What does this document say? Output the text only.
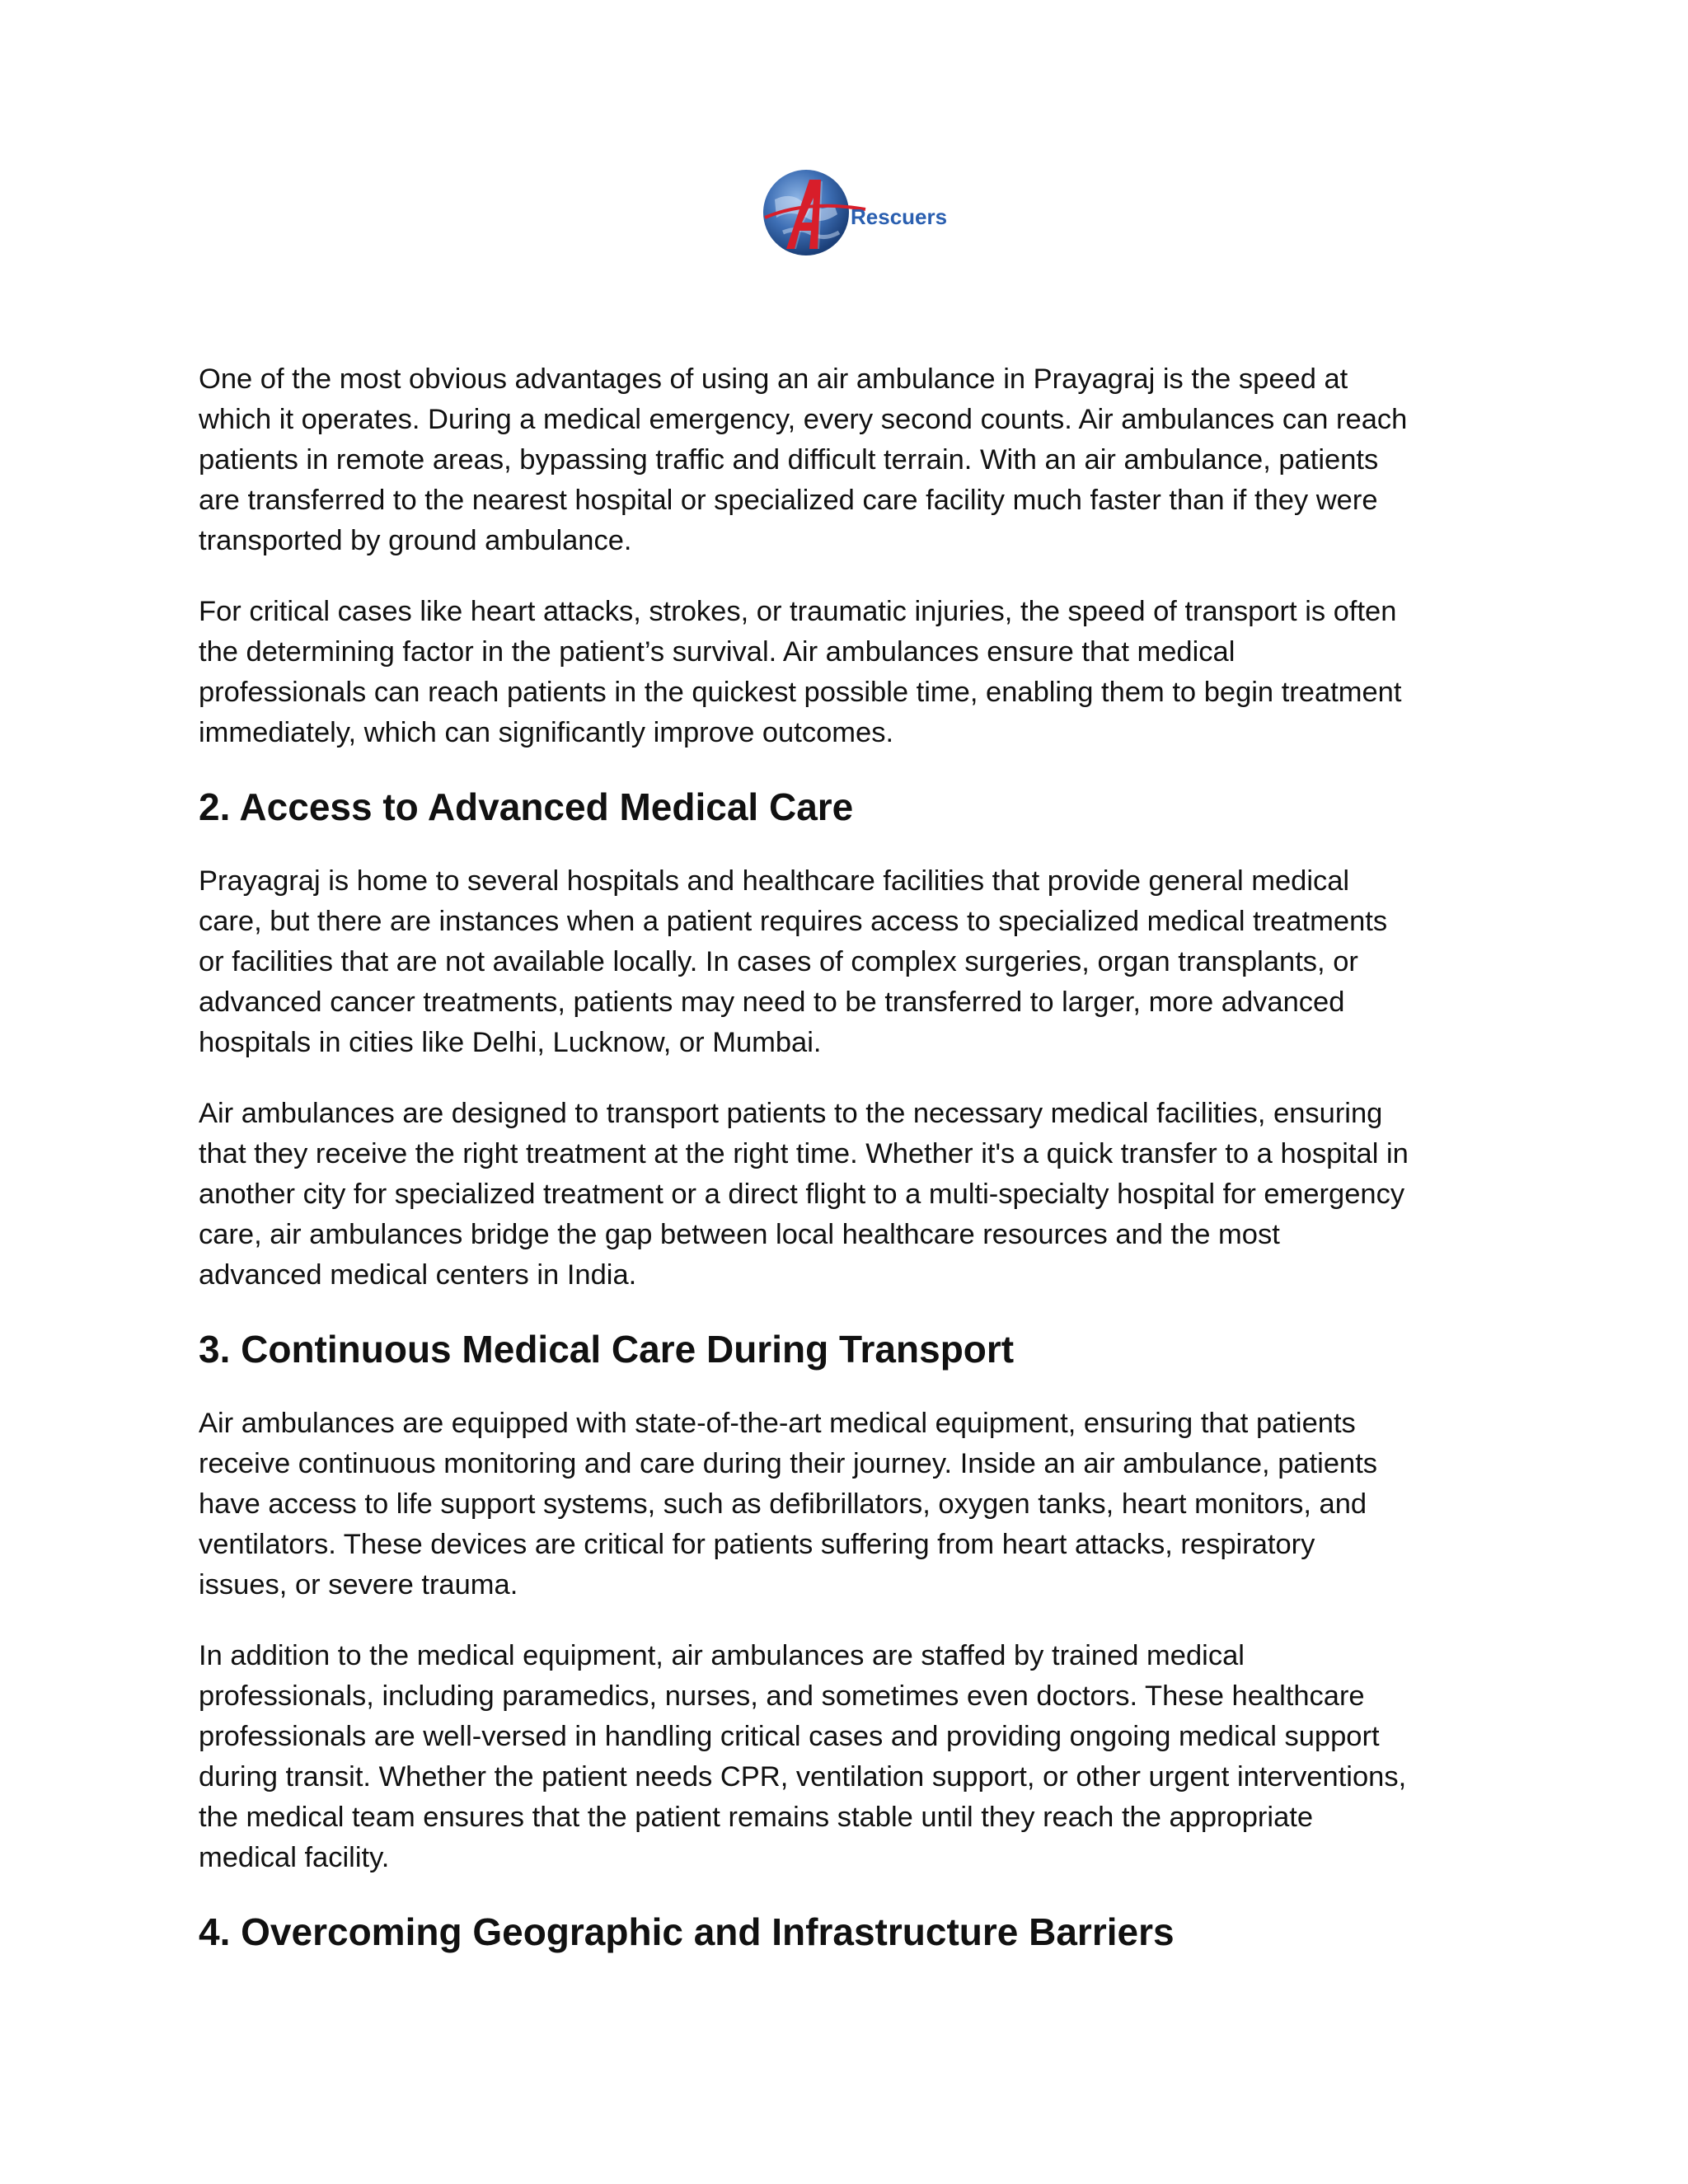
Rescuers

One of the most obvious advantages of using an air ambulance in Prayagraj is the speed at
which it operates. During a medical emergency, every second counts. Air ambulances can reach
patients in remote areas, bypassing traffic and difficult terrain. With an air ambulance, patients
are transferred to the nearest hospital or specialized care facility much faster than if they were
transported by ground ambulance.

For critical cases like heart attacks, strokes, or traumatic injuries, the speed of transport is often
the determining factor in the patient’s survival. Air ambulances ensure that medical
professionals can reach patients in the quickest possible time, enabling them to begin treatment
immediately, which can significantly improve outcomes.

2. Access to Advanced Medical Care

Prayagraj is home to several hospitals and healthcare facilities that provide general medical
care, but there are instances when a patient requires access to specialized medical treatments
or facilities that are not available locally. In cases of complex surgeries, organ transplants, or
advanced cancer treatments, patients may need to be transferred to larger, more advanced
hospitals in cities like Delhi, Lucknow, or Mumbai.

Air ambulances are designed to transport patients to the necessary medical facilities, ensuring
that they receive the right treatment at the right time. Whether it's a quick transfer to a hospital in
another city for specialized treatment or a direct flight to a multi-specialty hospital for emergency
care, air ambulances bridge the gap between local healthcare resources and the most
advanced medical centers in India.

3. Continuous Medical Care During Transport

Air ambulances are equipped with state-of-the-art medical equipment, ensuring that patients
receive continuous monitoring and care during their journey. Inside an air ambulance, patients
have access to life support systems, such as defibrillators, oxygen tanks, heart monitors, and
ventilators. These devices are critical for patients suffering from heart attacks, respiratory
issues, or severe trauma.

In addition to the medical equipment, air ambulances are staffed by trained medical
professionals, including paramedics, nurses, and sometimes even doctors. These healthcare
professionals are well-versed in handling critical cases and providing ongoing medical support
during transit. Whether the patient needs CPR, ventilation support, or other urgent interventions,
the medical team ensures that the patient remains stable until they reach the appropriate
medical facility.

4. Overcoming Geographic and Infrastructure Barriers
